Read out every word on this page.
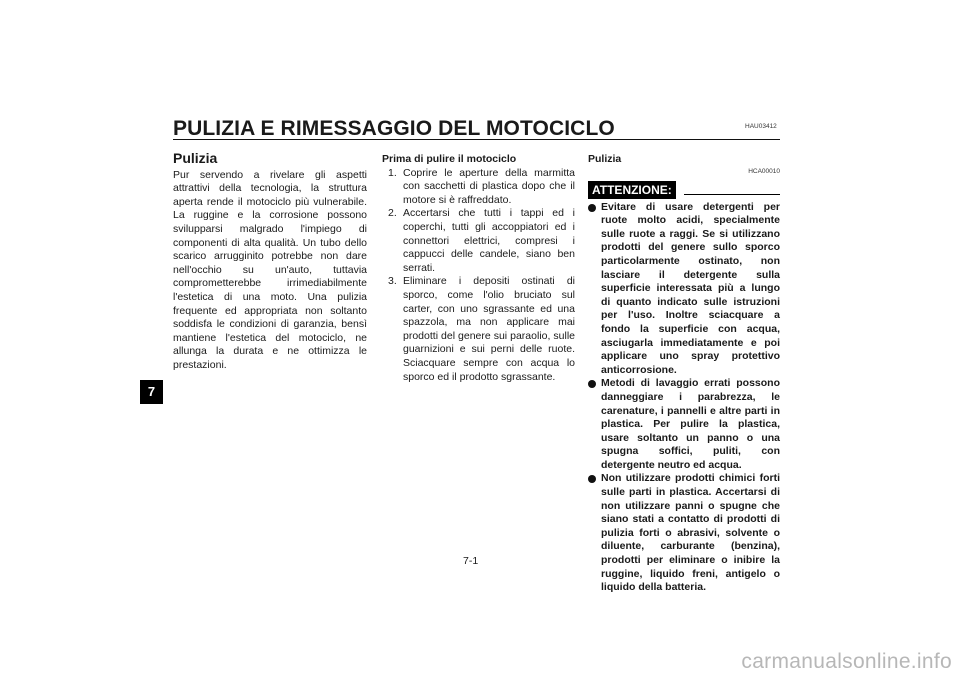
PULIZIA E RIMESSAGGIO DEL MOTOCICLO	HAU03412
7
Pulizia

Pur servendo a rivelare gli aspetti attrattivi della tecnologia, la struttura aperta rende il motociclo più vulnerabile. La ruggine e la corrosione possono svilupparsi malgrado l'impiego di componenti di alta qualità. Un tubo dello scarico arrugginito potrebbe non dare nell'occhio su un'auto, tuttavia comprometterebbe irrimediabilmente l'estetica di una moto. Una pulizia frequente ed appropriata non soltanto soddisfa le condizioni di garanzia, bensì mantiene l'estetica del motociclo, ne allunga la durata e ne ottimizza le prestazioni.

Prima di pulire il motociclo
1. Coprire le aperture della marmitta con sacchetti di plastica dopo che il motore si è raffreddato.
2. Accertarsi che tutti i tappi ed i coperchi, tutti gli accoppiatori ed i connettori elettrici, compresi i cappucci delle candele, siano ben serrati.
3. Eliminare i depositi ostinati di sporco, come l'olio bruciato sul carter, con uno sgrassante ed una spazzola, ma non applicare mai prodotti del genere sui paraolio, sulle guarnizioni e sui perni delle ruote. Sciacquare sempre con acqua lo sporco ed il prodotto sgrassante.
Pulizia
HCA00010
ATTENZIONE:
Evitare di usare detergenti per ruote molto acidi, specialmente sulle ruote a raggi. Se si utilizzano prodotti del genere sullo sporco particolarmente ostinato, non lasciare il detergente sulla superficie interessata più a lungo di quanto indicato sulle istruzioni per l'uso. Inoltre sciacquare a fondo la superficie con acqua, asciugarla immediatamente e poi applicare uno spray protettivo anticorrosione.
Metodi di lavaggio errati possono danneggiare i parabrezza, le carenature, i pannelli e altre parti in plastica. Per pulire la plastica, usare soltanto un panno o una spugna soffici, puliti, con detergente neutro ed acqua.
Non utilizzare prodotti chimici forti sulle parti in plastica. Accertarsi di non utilizzare panni o spugne che siano stati a contatto di prodotti di pulizia forti o abrasivi, solvente o diluente, carburante (benzina), prodotti per eliminare o inibire la ruggine, liquido freni, antigelo o liquido della batteria.
7-1
carmanualsonline.info
